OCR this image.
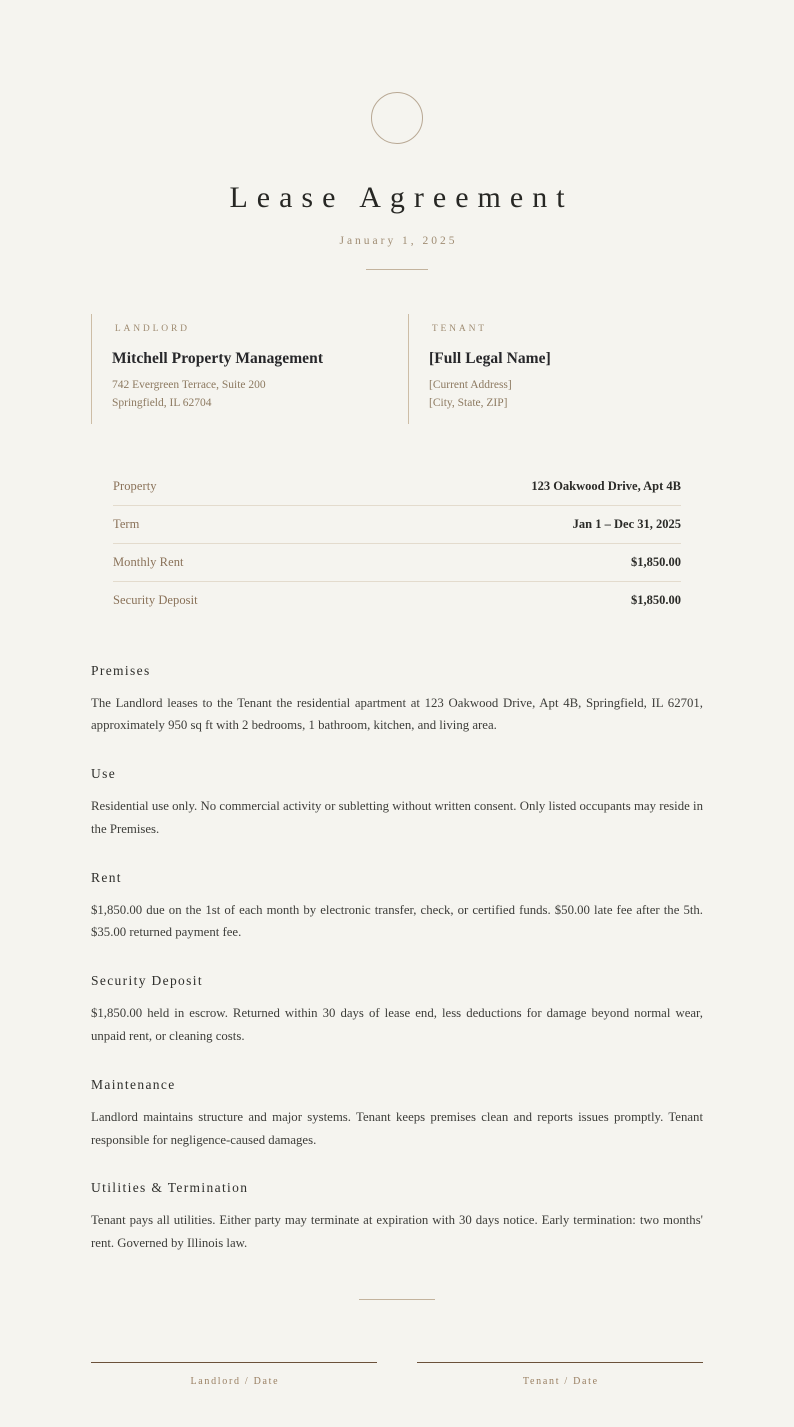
Lease Agreement
January 1, 2025
LANDLORD
Mitchell Property Management
742 Evergreen Terrace, Suite 200
Springfield, IL 62704
TENANT
[Full Legal Name]
[Current Address]
[City, State, ZIP]
Property	123 Oakwood Drive, Apt 4B
Term	Jan 1 – Dec 31, 2025
Monthly Rent	$1,850.00
Security Deposit	$1,850.00
Premises

The Landlord leases to the Tenant the residential apartment at 123 Oakwood Drive, Apt 4B, Springfield, IL 62701, approximately 950 sq ft with 2 bedrooms, 1 bathroom, kitchen, and living area.

Use

Residential use only. No commercial activity or subletting without written consent. Only listed occupants may reside in the Premises.

Rent

$1,850.00 due on the 1st of each month by electronic transfer, check, or certified funds. $50.00 late fee after the 5th. $35.00 returned payment fee.

Security Deposit

$1,850.00 held in escrow. Returned within 30 days of lease end, less deductions for damage beyond normal wear, unpaid rent, or cleaning costs.

Maintenance

Landlord maintains structure and major systems. Tenant keeps premises clean and reports issues promptly. Tenant responsible for negligence-caused damages.

Utilities & Termination

Tenant pays all utilities. Either party may terminate at expiration with 30 days notice. Early termination: two months' rent. Governed by Illinois law.

Landlord / Date	Tenant / Date
